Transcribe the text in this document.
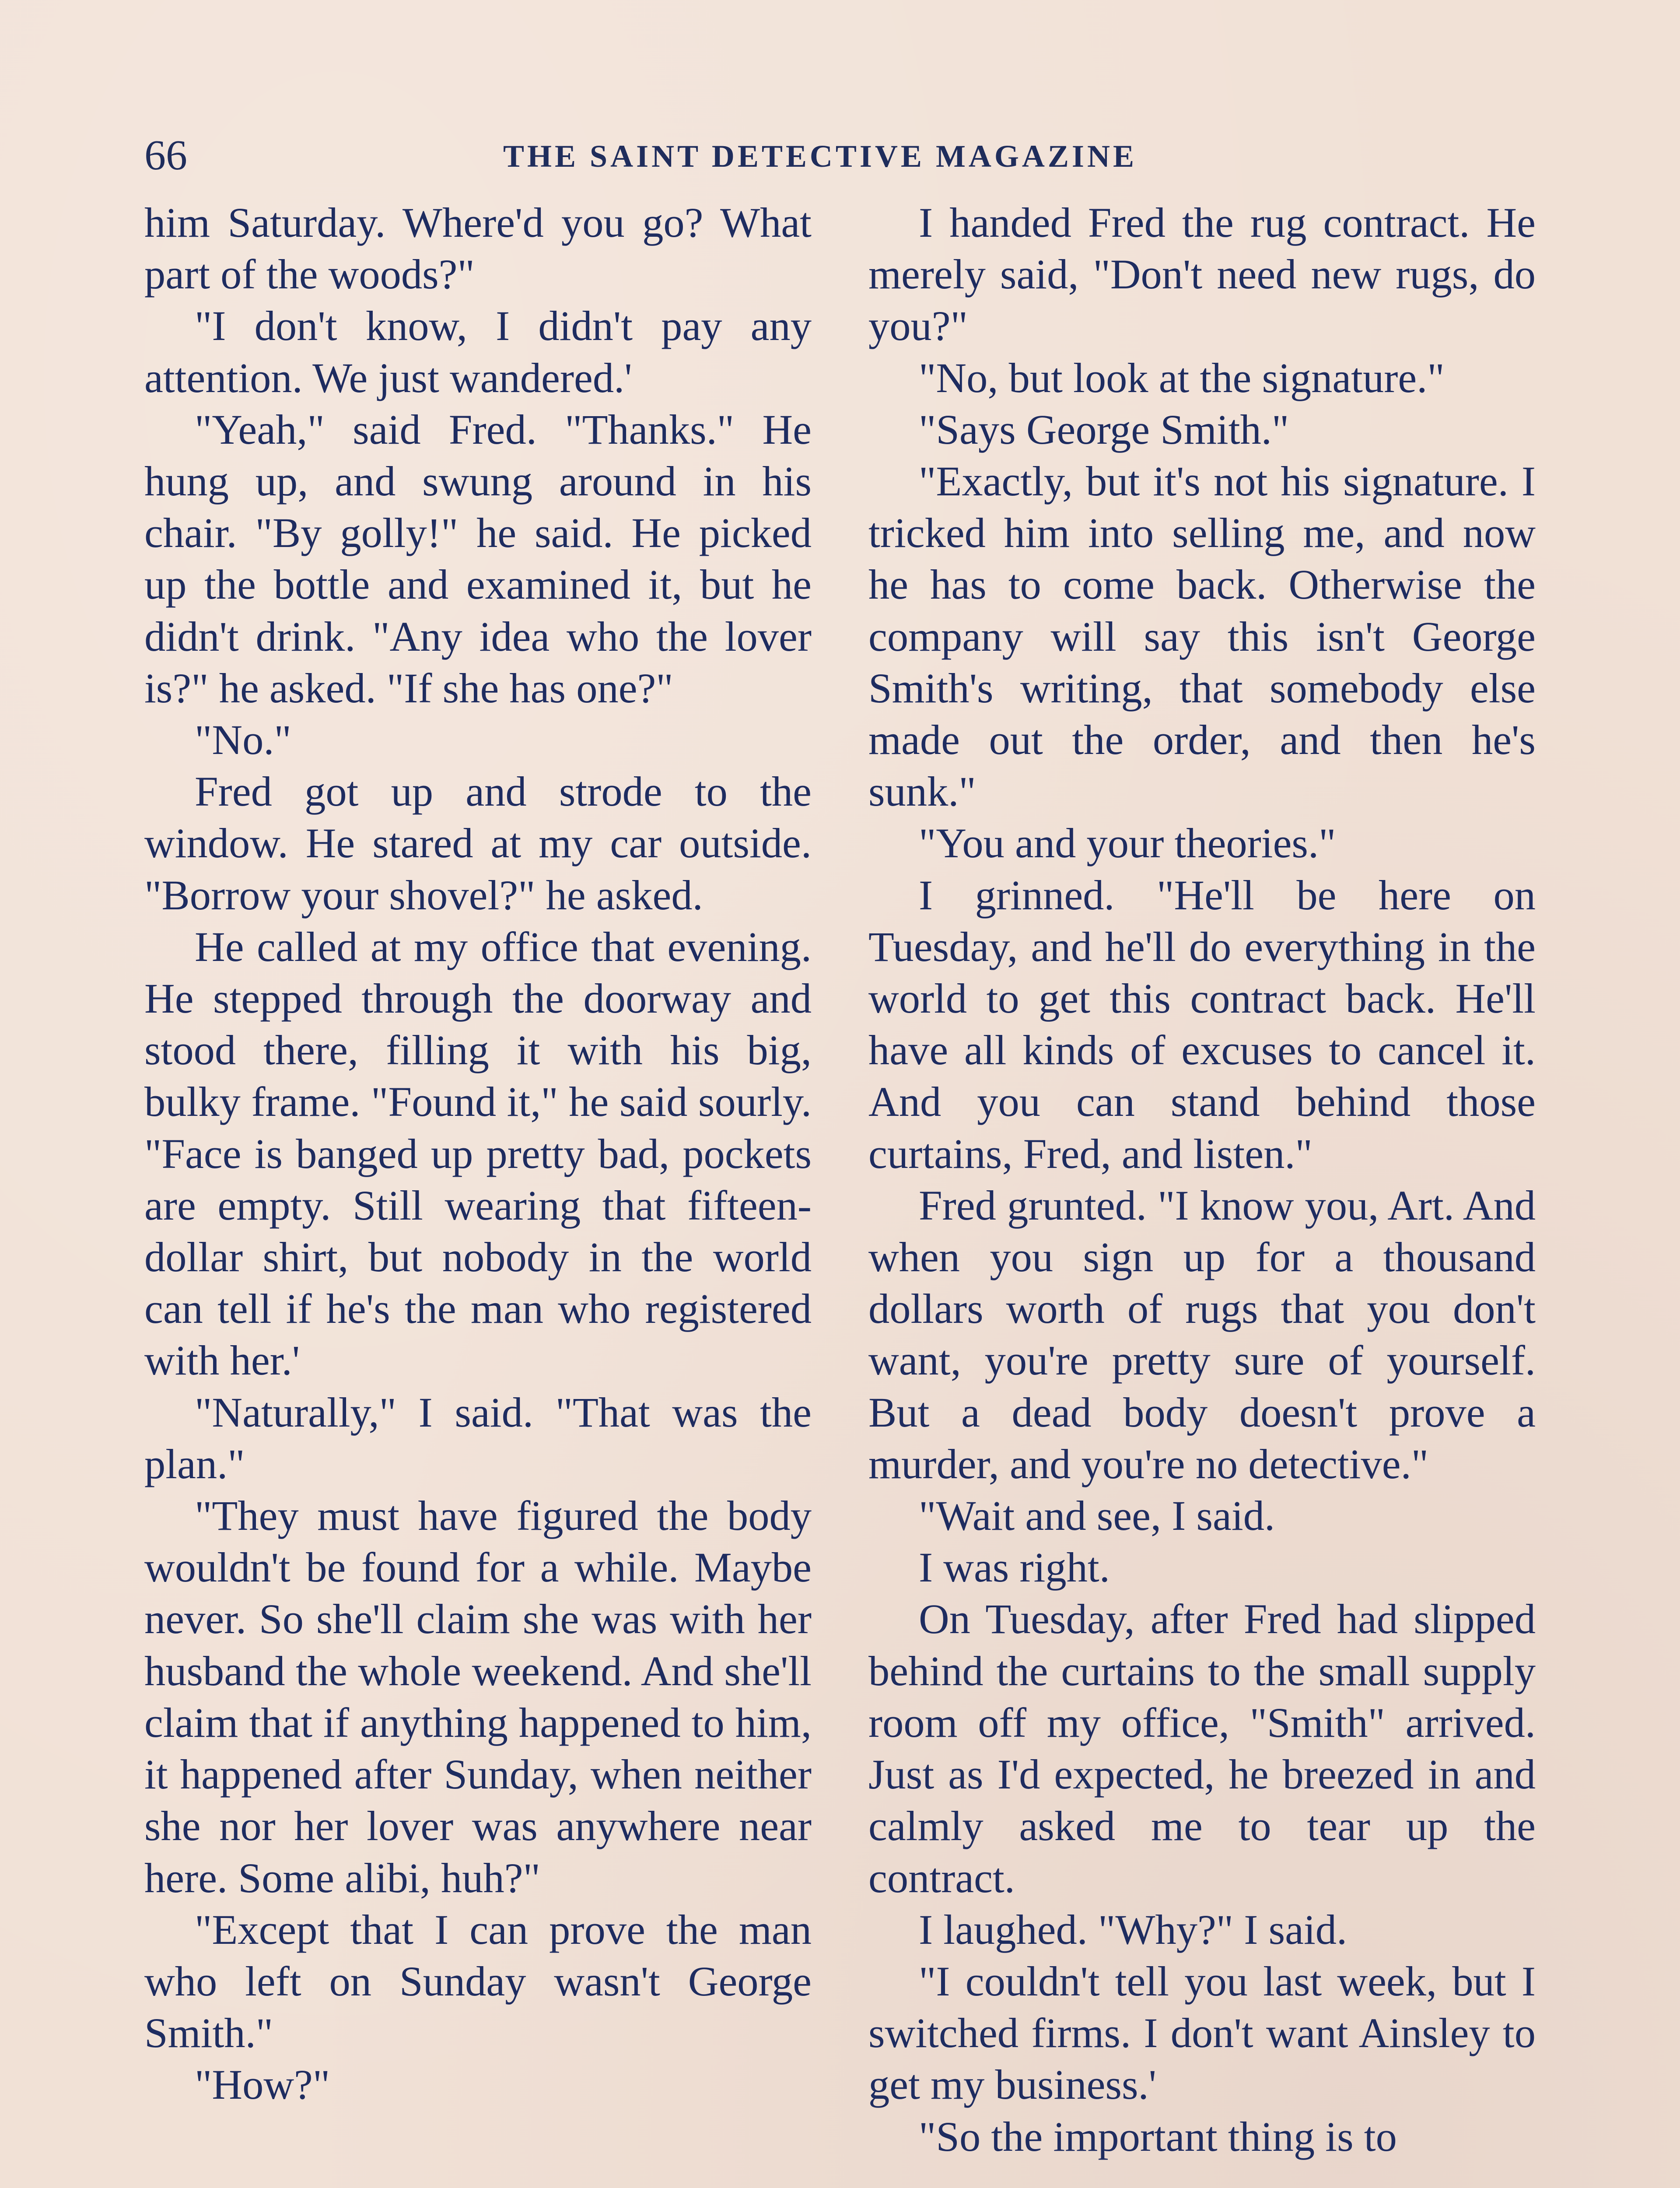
66	THE SAINT DETECTIVE MAGAZINE

him Saturday. Where'd you go? What part of the woods?"

"I don't know, I didn't pay any attention. We just wandered.'

"Yeah," said Fred. "Thanks." He hung up, and swung around in his chair. "By golly!" he said. He picked up the bottle and examined it, but he didn't drink. "Any idea who the lover is?" he asked. "If she has one?"

"No."

Fred got up and strode to the window. He stared at my car outside. "Borrow your shovel?" he asked.

He called at my office that evening. He stepped through the doorway and stood there, filling it with his big, bulky frame. "Found it," he said sourly. "Face is banged up pretty bad, pockets are empty. Still wearing that fifteen-dollar shirt, but nobody in the world can tell if he's the man who registered with her.'

"Naturally," I said. "That was the plan."

"They must have figured the body wouldn't be found for a while. Maybe never. So she'll claim she was with her husband the whole weekend. And she'll claim that if anything happened to him, it happened after Sunday, when neither she nor her lover was anywhere near here. Some alibi, huh?"

"Except that I can prove the man who left on Sunday wasn't George Smith."

"How?"

I handed Fred the rug contract. He merely said, "Don't need new rugs, do you?"

"No, but look at the signature."

"Says George Smith."

"Exactly, but it's not his signature. I tricked him into selling me, and now he has to come back. Otherwise the company will say this isn't George Smith's writing, that somebody else made out the order, and then he's sunk."

"You and your theories."

I grinned. "He'll be here on Tuesday, and he'll do everything in the world to get this contract back. He'll have all kinds of excuses to cancel it. And you can stand behind those curtains, Fred, and listen."

Fred grunted. "I know you, Art. And when you sign up for a thousand dollars worth of rugs that you don't want, you're pretty sure of yourself. But a dead body doesn't prove a murder, and you're no detective."

"Wait and see, I said.

I was right.

On Tuesday, after Fred had slipped behind the curtains to the small supply room off my office, "Smith" arrived. Just as I'd expected, he breezed in and calmly asked me to tear up the contract.

I laughed. "Why?" I said.

"I couldn't tell you last week, but I switched firms. I don't want Ainsley to get my business.'

"So the important thing is to
